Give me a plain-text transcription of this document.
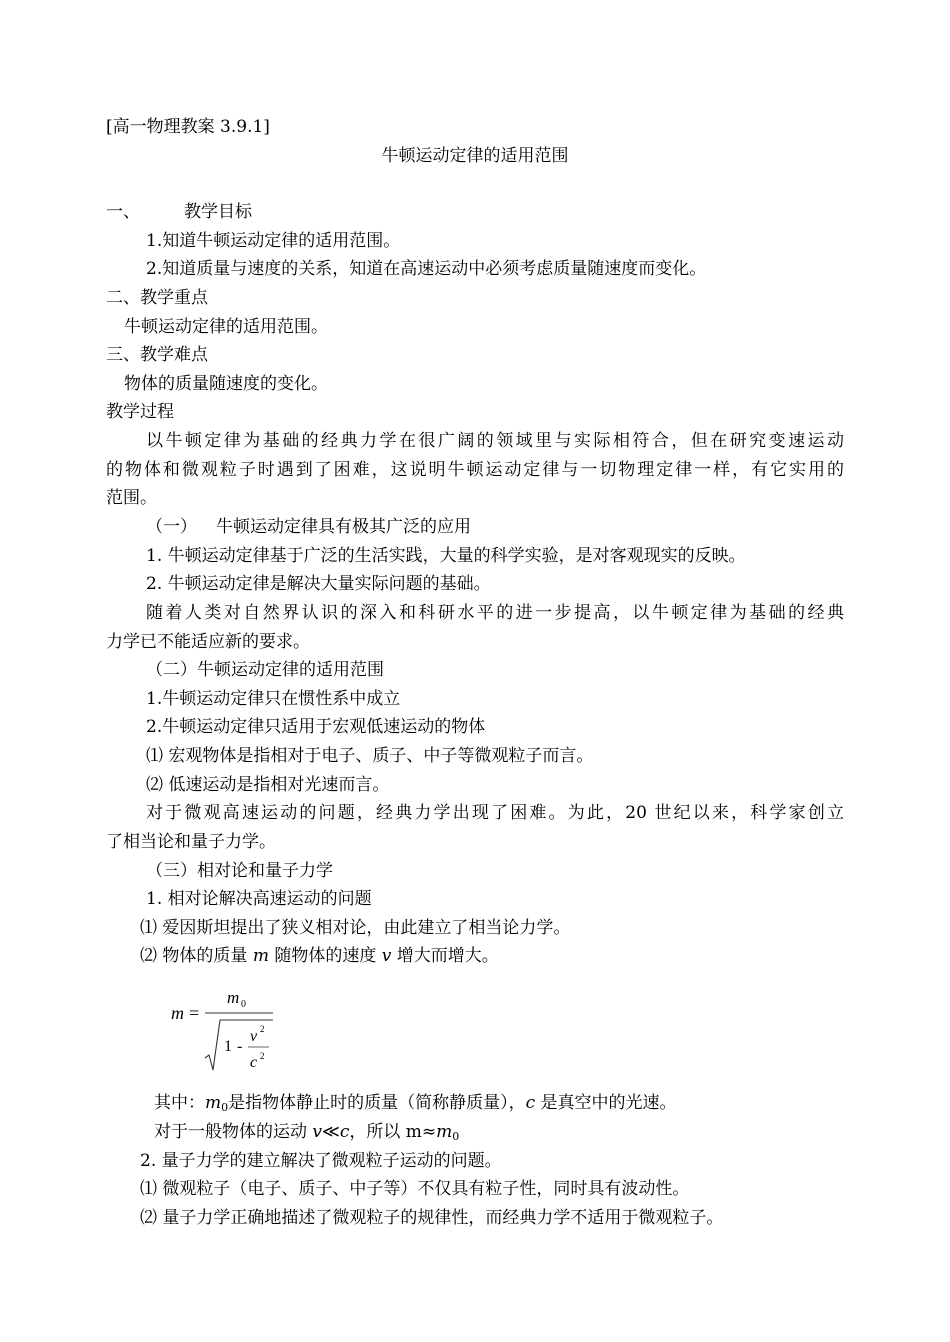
[高一物理教案 3.9.1]
牛顿运动定律的适用范围
一、	教学目标
1.知道牛顿运动定律的适用范围。
2.知道质量与速度的关系，知道在高速运动中必须考虑质量随速度而变化。
二、教学重点
牛顿运动定律的适用范围。
三、教学难点
物体的质量随速度的变化。
教学过程
以牛顿定律为基础的经典力学在很广阔的领域里与实际相符合，但在研究变速运动
的物体和微观粒子时遇到了困难，这说明牛顿运动定律与一切物理定律一样，有它实用的
范围。
（一） 牛顿运动定律具有极其广泛的应用
1. 牛顿运动定律基于广泛的生活实践，大量的科学实验，是对客观现实的反映。
2. 牛顿运动定律是解决大量实际问题的基础。
随着人类对自然界认识的深入和科研水平的进一步提高，以牛顿定律为基础的经典
力学已不能适应新的要求。
（二）牛顿运动定律的适用范围
1.牛顿运动定律只在惯性系中成立
2.牛顿运动定律只适用于宏观低速运动的物体
⑴ 宏观物体是指相对于电子、质子、中子等微观粒子而言。
⑵ 低速运动是指相对光速而言。
对于微观高速运动的问题，经典力学出现了困难。为此，20 世纪以来，科学家创立
了相当论和量子力学。
（三）相对论和量子力学
1. 相对论解决高速运动的问题
⑴ 爱因斯坦提出了狭义相对论，由此建立了相当论力学。
⑵ 物体的质量 m 随物体的速度 v 增大而增大。
m =
m 0
1 -
v 2
c 2
其中：$m_0$是指物体静止时的质量（简称静质量），c 是真空中的光速。
对于一般物体的运动 v≪c，所以 $m\approx m_0$
2. 量子力学的建立解决了微观粒子运动的问题。
⑴ 微观粒子（电子、质子、中子等）不仅具有粒子性，同时具有波动性。
⑵ 量子力学正确地描述了微观粒子的规律性，而经典力学不适用于微观粒子。
